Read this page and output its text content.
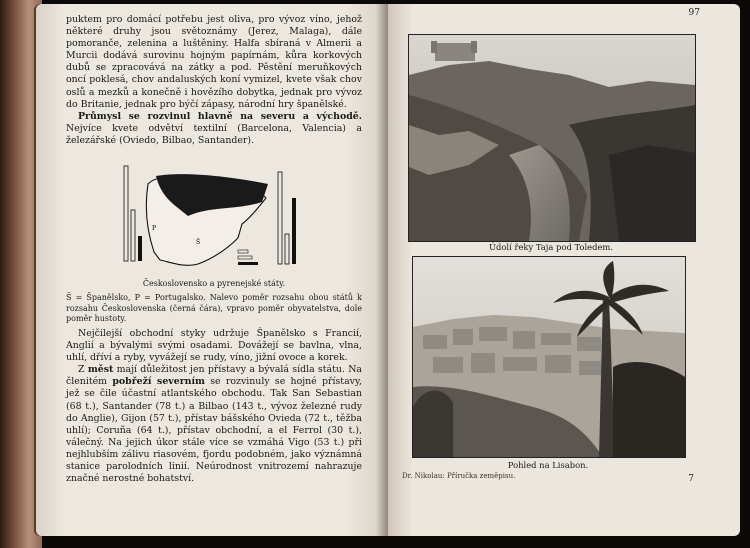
puktem pro domácí potřebu jest oliva, pro vývoz víno, jehož některé druhy jsou světoznámy (Jerez, Malaga), dále pomoranče, zelenina a luštěniny. Halfa sbíraná v Almerii a Murcii dodává surovinu hojným papírnám, kůra korkových dubů se zpracovává na zátky a pod. Pěstění meruňkových oncí poklesá, chov andaluských koní vymizel, kvete však chov oslů a mezků a konečně i hovězího dobytka, jednak pro vývoz do Britanie, jednak pro býčí zápasy, národní hry španělské.

Průmysl se rozvinul hlavně na severu a východě. Nejvíce kvete odvětví textilní (Barcelona, Valencia) a železářské (Oviedo, Bilbao, Santander).

Š
P
Československo a pyrenejské státy.

Š = Španělsko, P = Portugalsko. Nalevo poměr rozsahu obou států k rozsahu Československa (černá čára), vpravo poměr obyvatelstva, dole poměr hustoty.

Nejčilejší obchodní styky udržuje Španělsko s Francií, Anglií a bývalými svými osadami. Dovážejí se bavlna, vlna, uhlí, dříví a ryby, vyvážejí se rudy, víno, jižní ovoce a korek.

Z měst mají důležitost jen přístavy a bývalá sídla státu. Na členitém pobřeží severním se rozvinuly se hojné přístavy, jež se čile účastní atlantského obchodu. Tak San Sebastian (68 t.), Santander (78 t.) a Bilbao (143 t., vývoz železné rudy do Anglie), Gijon (57 t.), přístav bášského Ovieda (72 t., těžba uhlí); Coruña (64 t.), přístav obchodní, a el Ferrol (30 t.), válečný. Na jejich úkor stále více se vzmáhá Vigo (53 t.) při nejhlubším zálivu riasovém, fjordu podobném, jako význámná stanice parolodních linií. Neúrodnost vnitrozemí nahrazuje značné nerostné bohatství.

97
Údolí řeky Taja pod Toledem.
Pohled na Lisabon.
Dr. Nikolau: Příručka zeměpisu.	7
